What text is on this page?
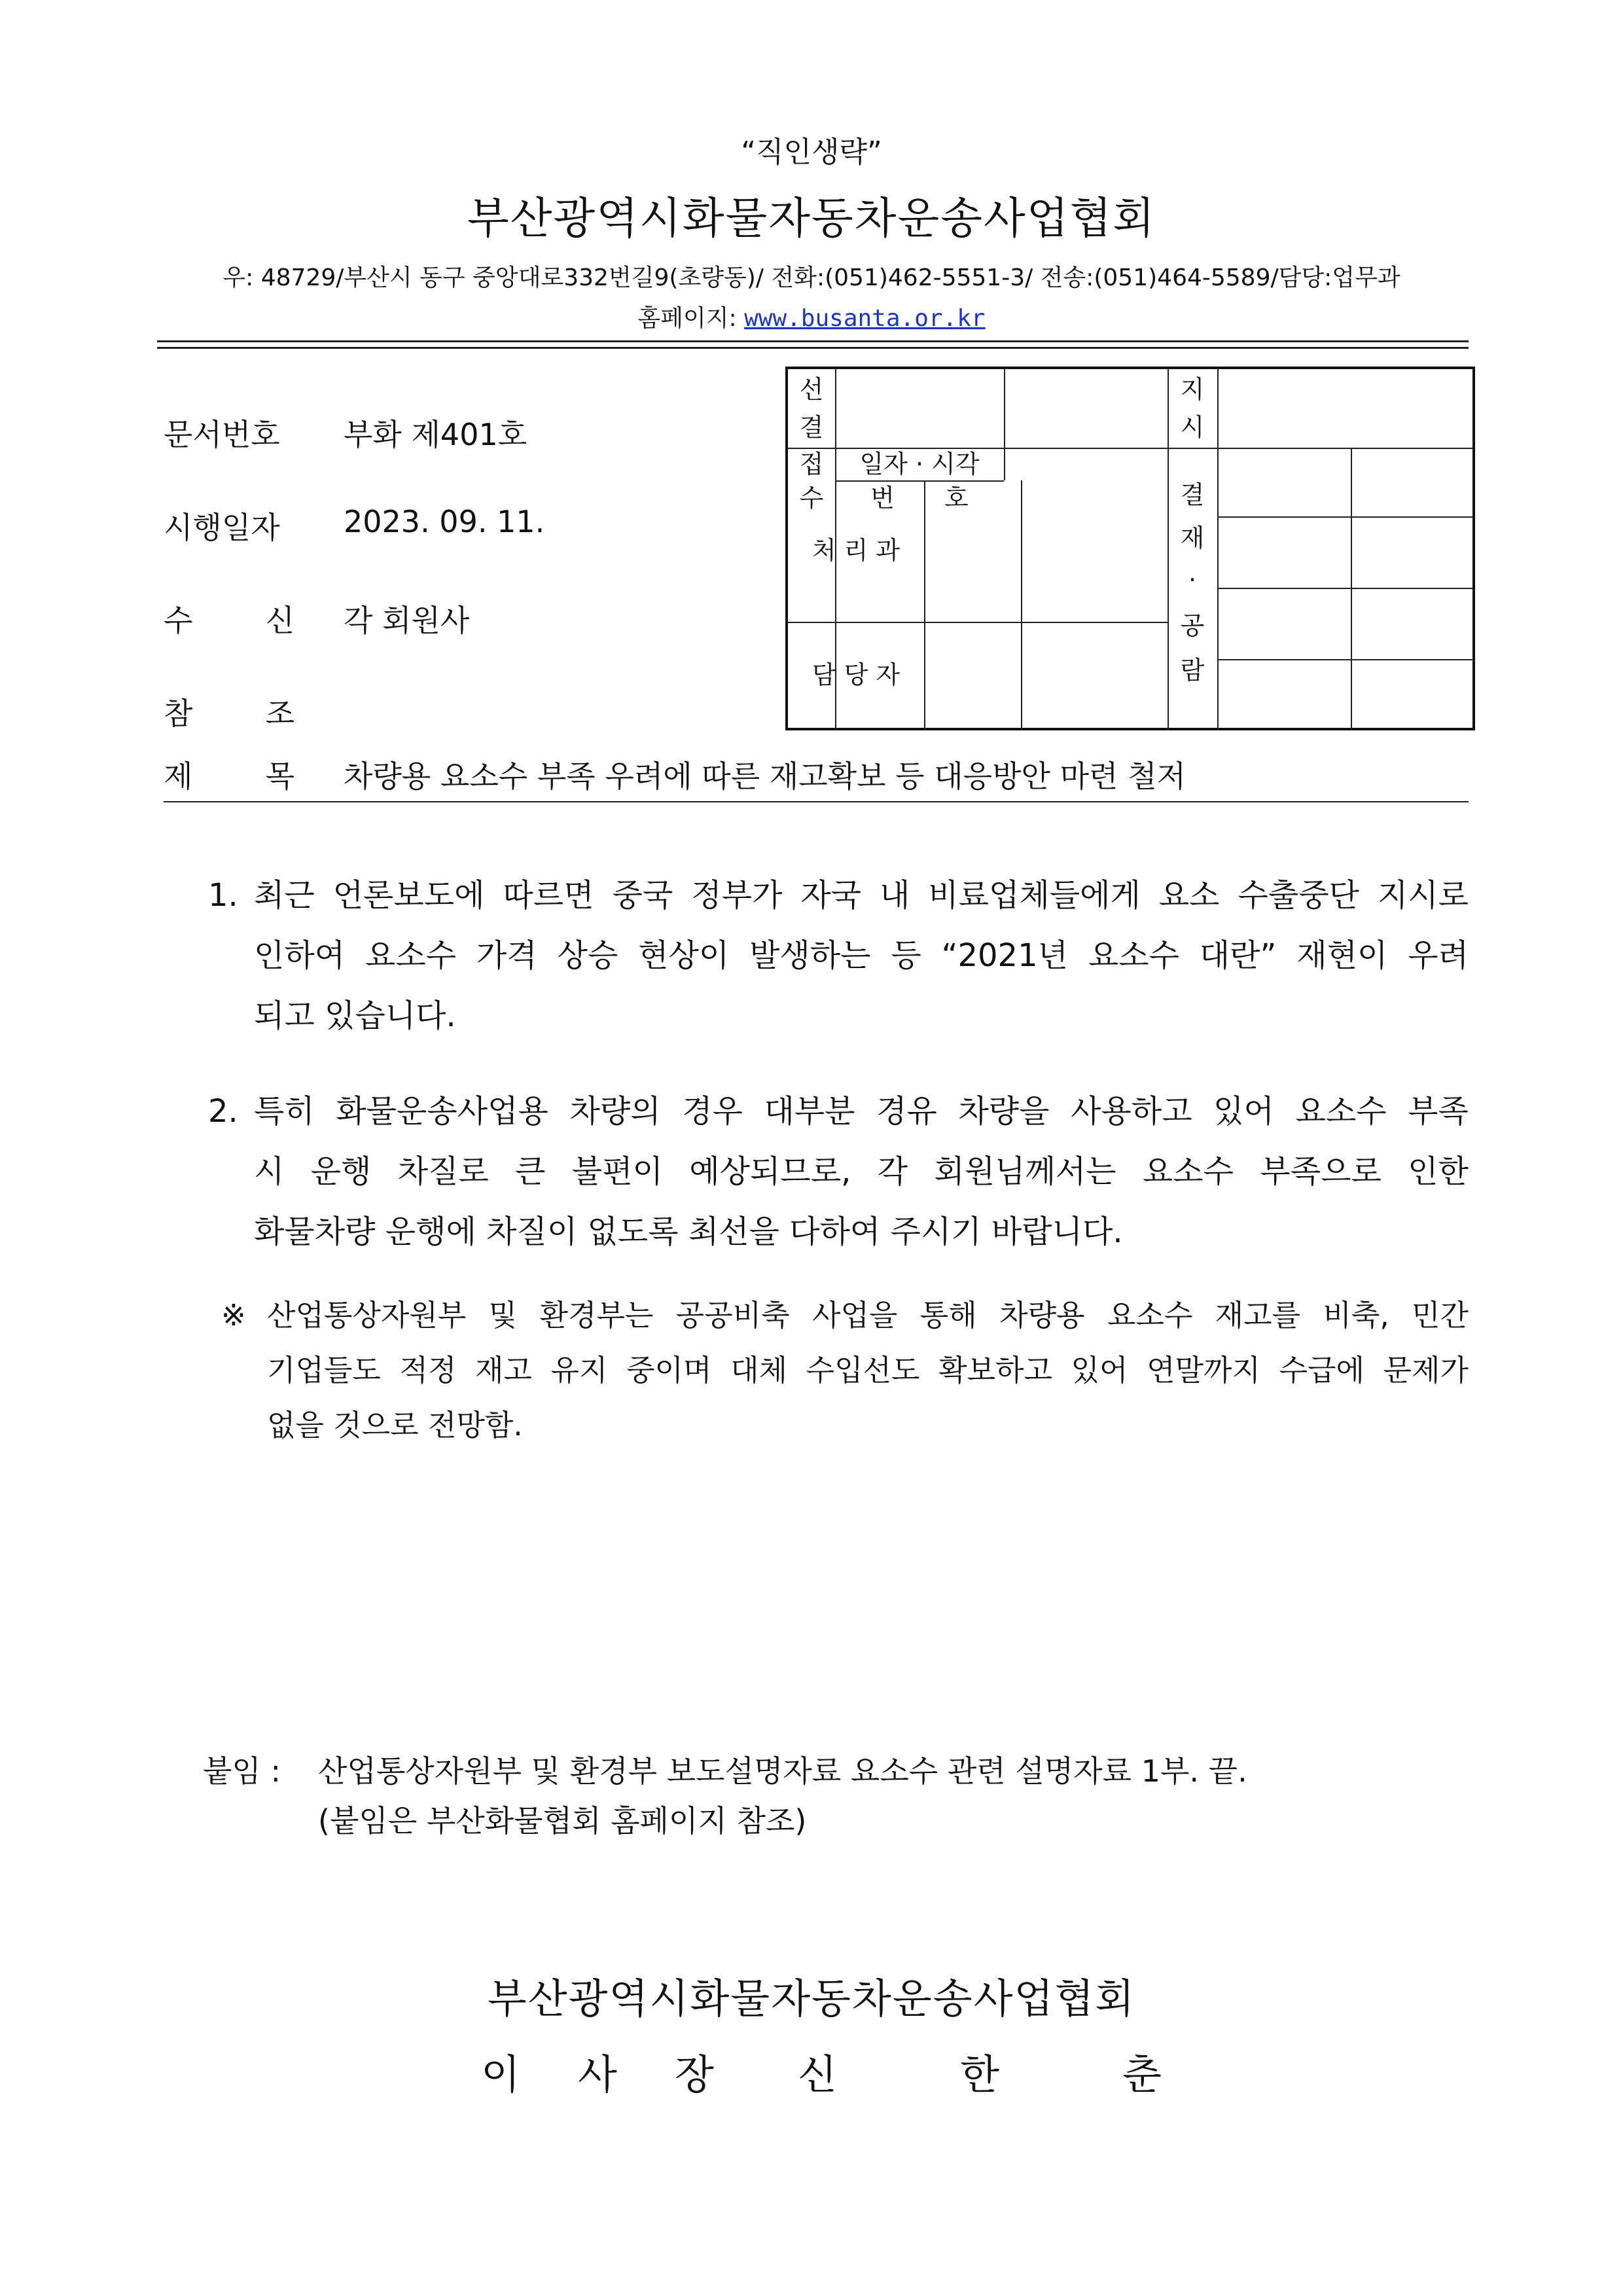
“직인생략”
부산광역시화물자동차운송사업협회
우: 48729/부산시 동구 중앙대로332번길9(초량동)/ 전화:(051)462-5551-3/ 전송:(051)464-5589/담당:업무과
홈페이지: www.busanta.or.kr
문서번호 부화 제401호
시행일자 2023. 09. 11.
수 신 각 회원사
참 조
제 목 차량용 요소수 부족 우려에 따른 재고확보 등 대응방안 마련 철저
선
결
지
시
접
수
일자 · 시각
번　　호
처 리 과
담 당 자
결
재
·
공
람
1. 최근 언론보도에 따르면 중국 정부가 자국 내 비료업체들에게 요소 수출중단 지시로
인하여 요소수 가격 상승 현상이 발생하는 등 “2021년 요소수 대란” 재현이 우려
되고 있습니다.
2. 특히 화물운송사업용 차량의 경우 대부분 경유 차량을 사용하고 있어 요소수 부족
시 운행 차질로 큰 불편이 예상되므로, 각 회원님께서는 요소수 부족으로 인한
화물차량 운행에 차질이 없도록 최선을 다하여 주시기 바랍니다.
※ 산업통상자원부 및 환경부는 공공비축 사업을 통해 차량용 요소수 재고를 비축, 민간
기업들도 적정 재고 유지 중이며 대체 수입선도 확보하고 있어 연말까지 수급에 문제가
없을 것으로 전망함.
붙임 : 산업통상자원부 및 환경부 보도설명자료 요소수 관련 설명자료 1부. 끝.
(붙임은 부산화물협회 홈페이지 참조)
부산광역시화물자동차운송사업협회
이 사 장 신	한	춘
